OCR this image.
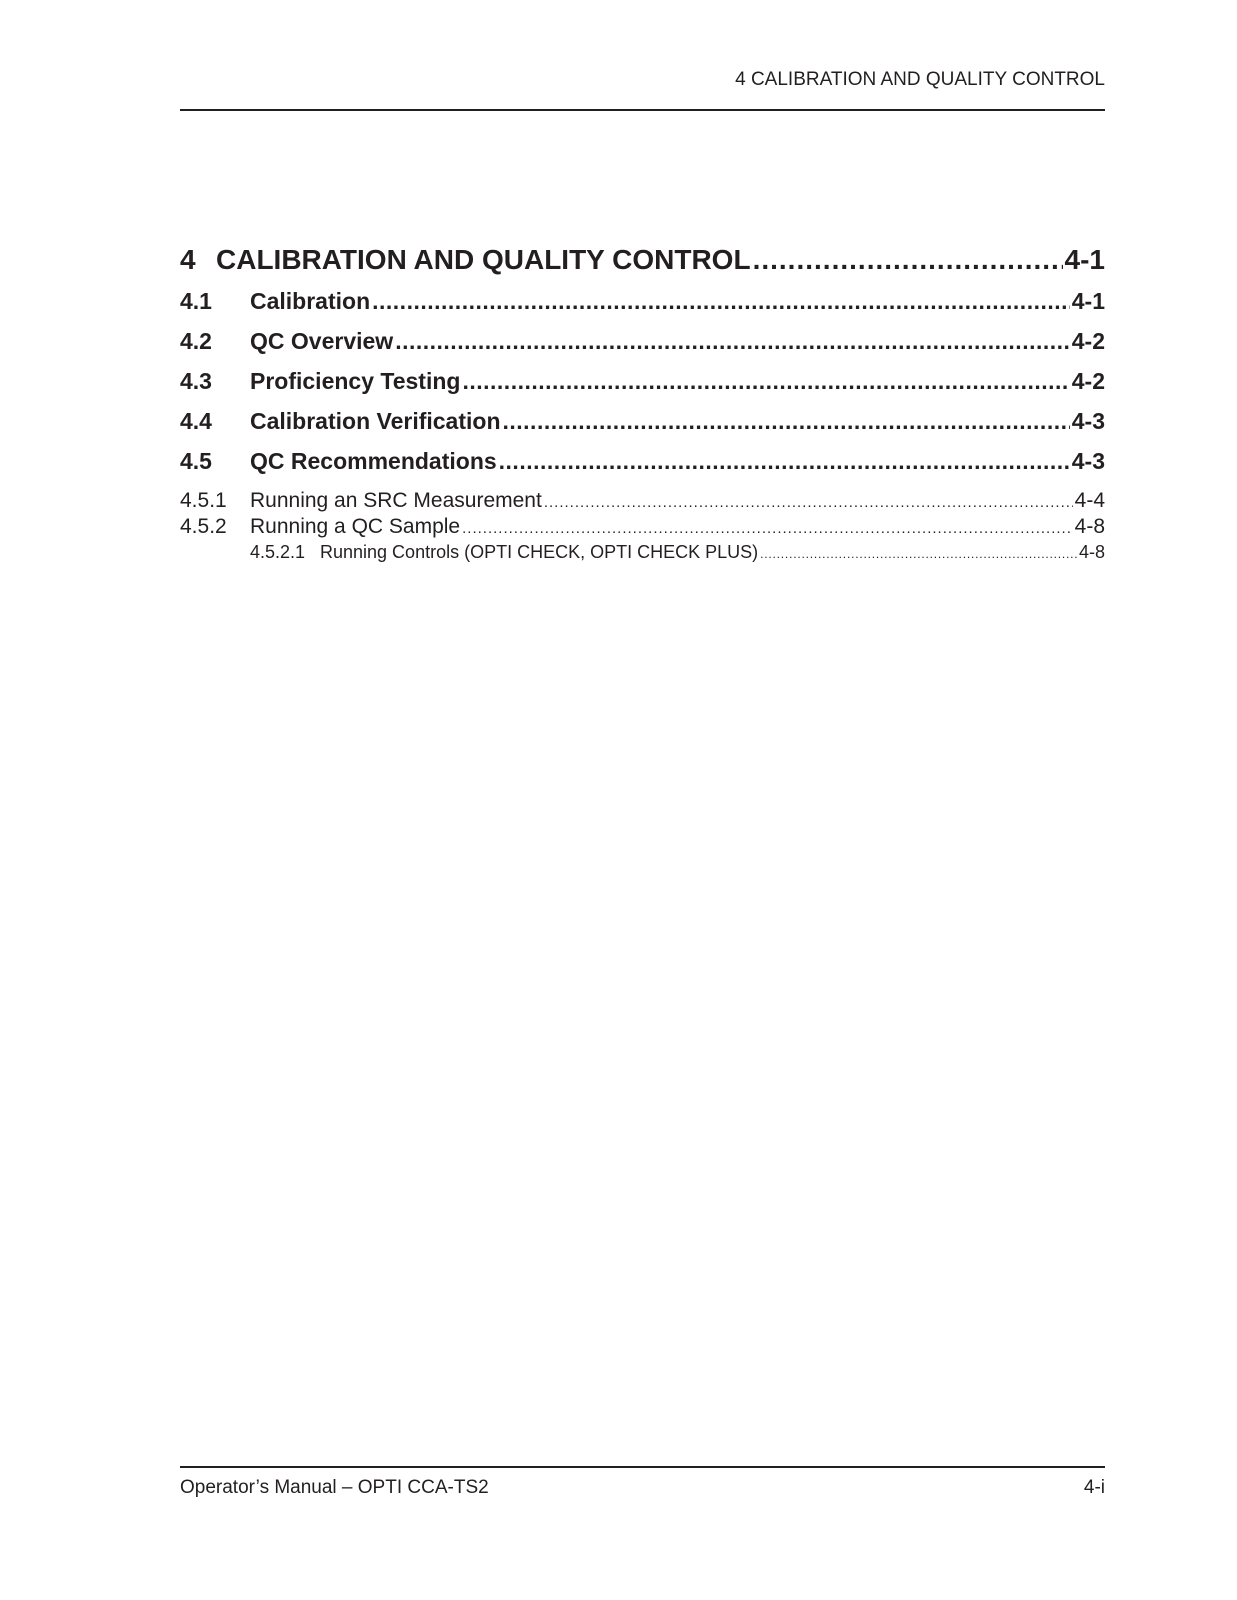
4 CALIBRATION AND QUALITY CONTROL
4 CALIBRATION AND QUALITY CONTROL .....	4-1
4.1	Calibration .....	4-1
4.2	QC Overview .....	4-2
4.3	Proficiency Testing .....	4-2
4.4	Calibration Verification .....	4-3
4.5	QC Recommendations .....	4-3
4.5.1	Running an SRC Measurement .....	4-4
4.5.2	Running a QC Sample .....	4-8
4.5.2.1 Running Controls (OPTI CHECK, OPTI CHECK PLUS) .....	4-8
Operator’s Manual – OPTI CCA-TS2	4-i
